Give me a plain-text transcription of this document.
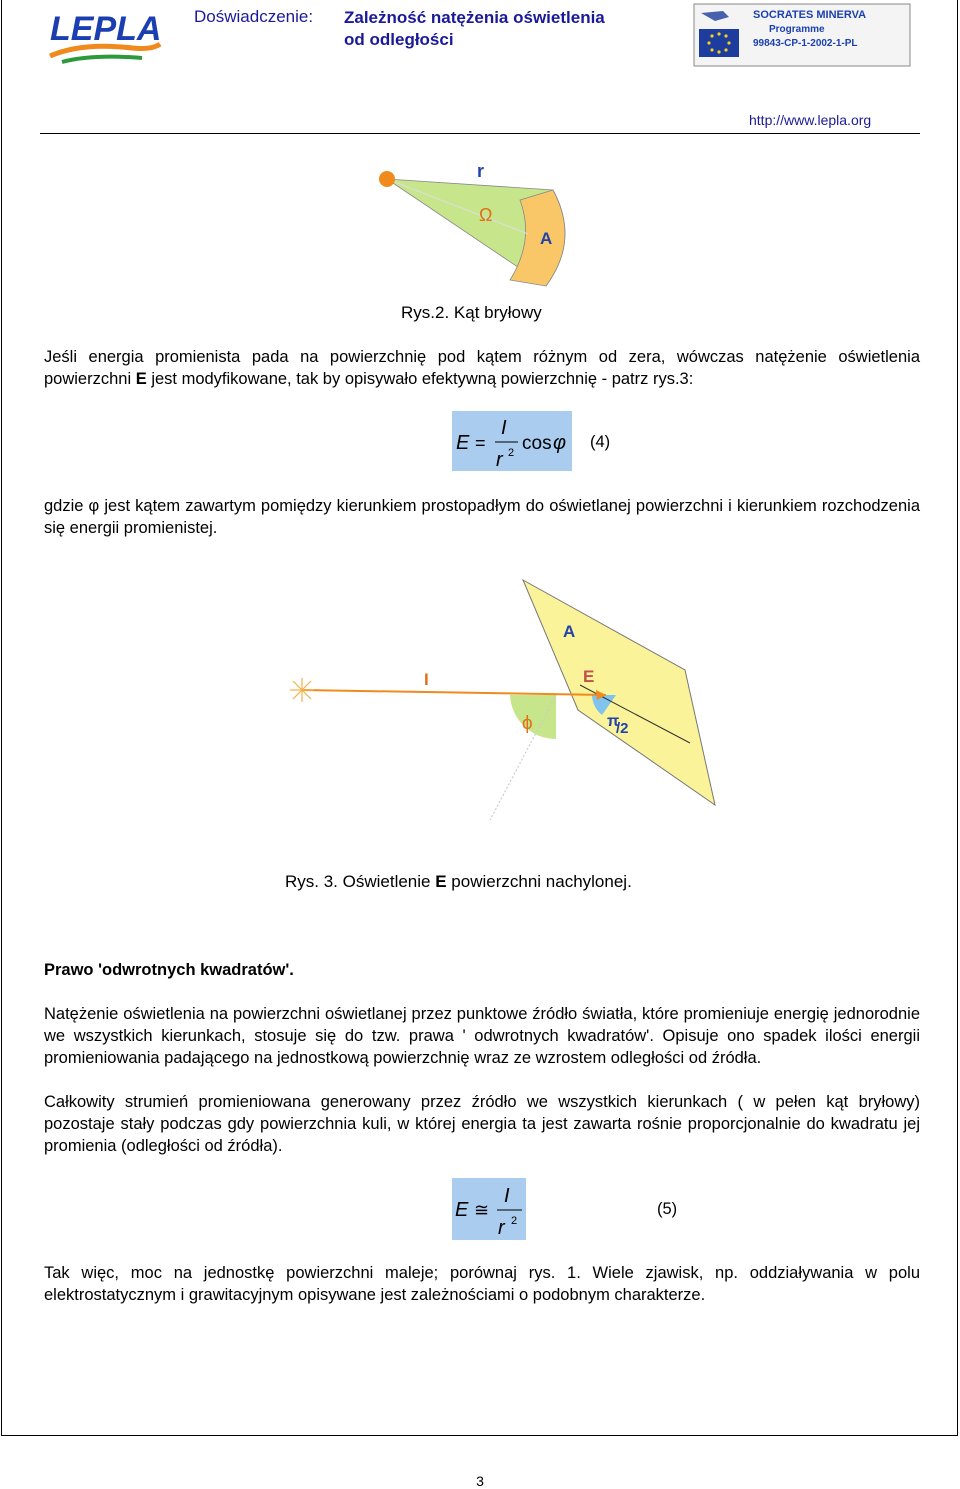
LEPLA Doświadczenie: Zależność natężenia oświetlenia
od odległości
SOCRATES MINERVA
Programme
99843-CP-1-2002-1-PL
http://www.lepla.org
r
Ω
A
Rys.2. Kąt bryłowy
Jeśli energia promienista pada na powierzchnię pod kątem różnym od zera, wówczas natężenie oświetlenia powierzchni E jest modyfikowane, tak by opisywało efektywną powierzchnię - patrz rys.3:
E =
I
r 2 cos φ (4)
gdzie φ jest kątem zawartym pomiędzy kierunkiem prostopadłym do oświetlanej powierzchni i kierunkiem rozchodzenia się energii promienistej.
A
I	E
ϕ	π
/2
Rys. 3. Oświetlenie E powierzchni nachylonej.
Prawo 'odwrotnych kwadratów'.
Natężenie oświetlenia na powierzchni oświetlanej przez punktowe źródło światła, które promieniuje energię jednorodnie we wszystkich kierunkach, stosuje się do tzw. prawa ' odwrotnych kwadratów'. Opisuje ono spadek ilości energii promieniowania padającego na jednostkową powierzchnię wraz ze wzrostem odległości od źródła.
Całkowity strumień promieniowana generowany przez źródło we wszystkich kierunkach ( w pełen kąt bryłowy) pozostaje stały podczas gdy powierzchnia kuli, w której energia ta jest zawarta rośnie proporcjonalnie do kwadratu jej promienia (odległości od źródła).
E ≅
I
r 2
(5)
Tak więc, moc na jednostkę powierzchni maleje; porównaj rys. 1. Wiele zjawisk, np. oddziaływania w polu elektrostatycznym i grawitacyjnym opisywane jest zależnościami o podobnym charakterze.
3
